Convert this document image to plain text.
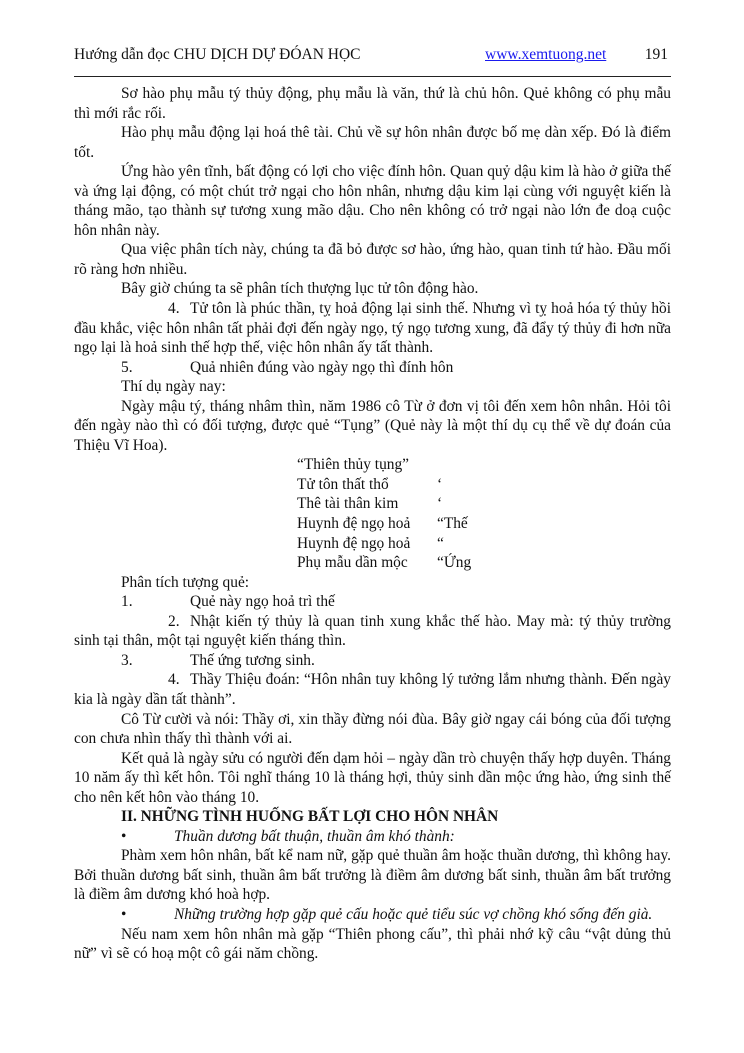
Hướng dẫn đọc CHU DỊCH DỰ ĐÓAN HỌC	www.xemtuong.net 191

Sơ hào phụ mẫu tý thủy động, phụ mẫu là văn, thứ là chủ hôn. Quẻ không có phụ mẫu thì mới rắc rối.

Hào phụ mẫu động lại hoá thê tài. Chủ về sự hôn nhân được bố mẹ dàn xếp. Đó là điểm tốt.

Ứng hào yên tĩnh, bất động có lợi cho việc đính hôn. Quan quỷ dậu kim là hào ở giữa thế và ứng lại động, có một chút trở ngại cho hôn nhân, nhưng dậu kim lại cùng với nguyệt kiến là tháng mão, tạo thành sự tương xung mão dậu. Cho nên không có trở ngại nào lớn đe doạ cuộc hôn nhân này.

Qua việc phân tích này, chúng ta đã bỏ được sơ hào, ứng hào, quan tinh tứ hào. Đầu mối rõ ràng hơn nhiều.

Bây giờ chúng ta sẽ phân tích thượng lục tử tôn động hào.

4. Tử tôn là phúc thần, tỵ hoả động lại sinh thế. Nhưng vì tỵ hoả hóa tý thủy hồi đầu khắc, việc hôn nhân tất phải đợi đến ngày ngọ, tý ngọ tương xung, đã đẩy tý thủy đi hơn nữa ngọ lại là hoả sinh thế hợp thế, việc hôn nhân ấy tất thành.

5.	Quả nhiên đúng vào ngày ngọ thì đính hôn

Thí dụ ngày nay:

Ngày mậu tý, tháng nhâm thìn, năm 1986 cô Từ ở đơn vị tôi đến xem hôn nhân. Hỏi tôi đến ngày nào thì có đối tượng, được quẻ “Tụng” (Quẻ này là một thí dụ cụ thể về dự đoán của Thiệu Vĩ Hoa).

“Thiên thủy tụng”

Tử tôn thất thổ	‘

Thê tài thân kim	‘

Huynh đệ ngọ hoả “Thế

Huynh đệ ngọ hoả “

Phụ mẫu dần mộc “Ứng

Phân tích tượng quẻ:

1.	Quẻ này ngọ hoả trì thế

2. Nhật kiến tý thủy là quan tinh xung khắc thế hào. May mà: tý thủy trường sinh tại thân, một tại nguyệt kiến tháng thìn.

3.	Thế ứng tương sinh.

4. Thầy Thiệu đoán: “Hôn nhân tuy không lý tưởng lắm nhưng thành. Đến ngày kia là ngày dần tất thành”.

Cô Từ cười và nói: Thầy ơi, xin thầy đừng nói đùa. Bây giờ ngay cái bóng của đối tượng con chưa nhìn thấy thì thành với ai.

Kết quả là ngày sửu có người đến dạm hỏi – ngày dần trò chuyện thấy hợp duyên. Tháng 10 năm ấy thì kết hôn. Tôi nghĩ tháng 10 là tháng hợi, thủy sinh dần mộc ứng hào, ứng sinh thế cho nên kết hôn vào tháng 10.

II. NHỮNG TÌNH HUỐNG BẤT LỢI CHO HÔN NHÂN

•	Thuần dương bất thuận, thuần âm khó thành:

Phàm xem hôn nhân, bất kể nam nữ, gặp quẻ thuần âm hoặc thuần dương, thì không hay. Bởi thuần dương bất sinh, thuần âm bất trưởng là điềm âm dương bất sinh, thuần âm bất trưởng là điềm âm dương khó hoà hợp.

•	Những trường hợp gặp quẻ cấu hoặc quẻ tiểu súc vợ chồng khó sống đến già.

Nếu nam xem hôn nhân mà gặp “Thiên phong cấu”, thì phải nhớ kỹ câu “vật dủng thủ nữ” vì sẽ có hoạ một cô gái năm chồng.
